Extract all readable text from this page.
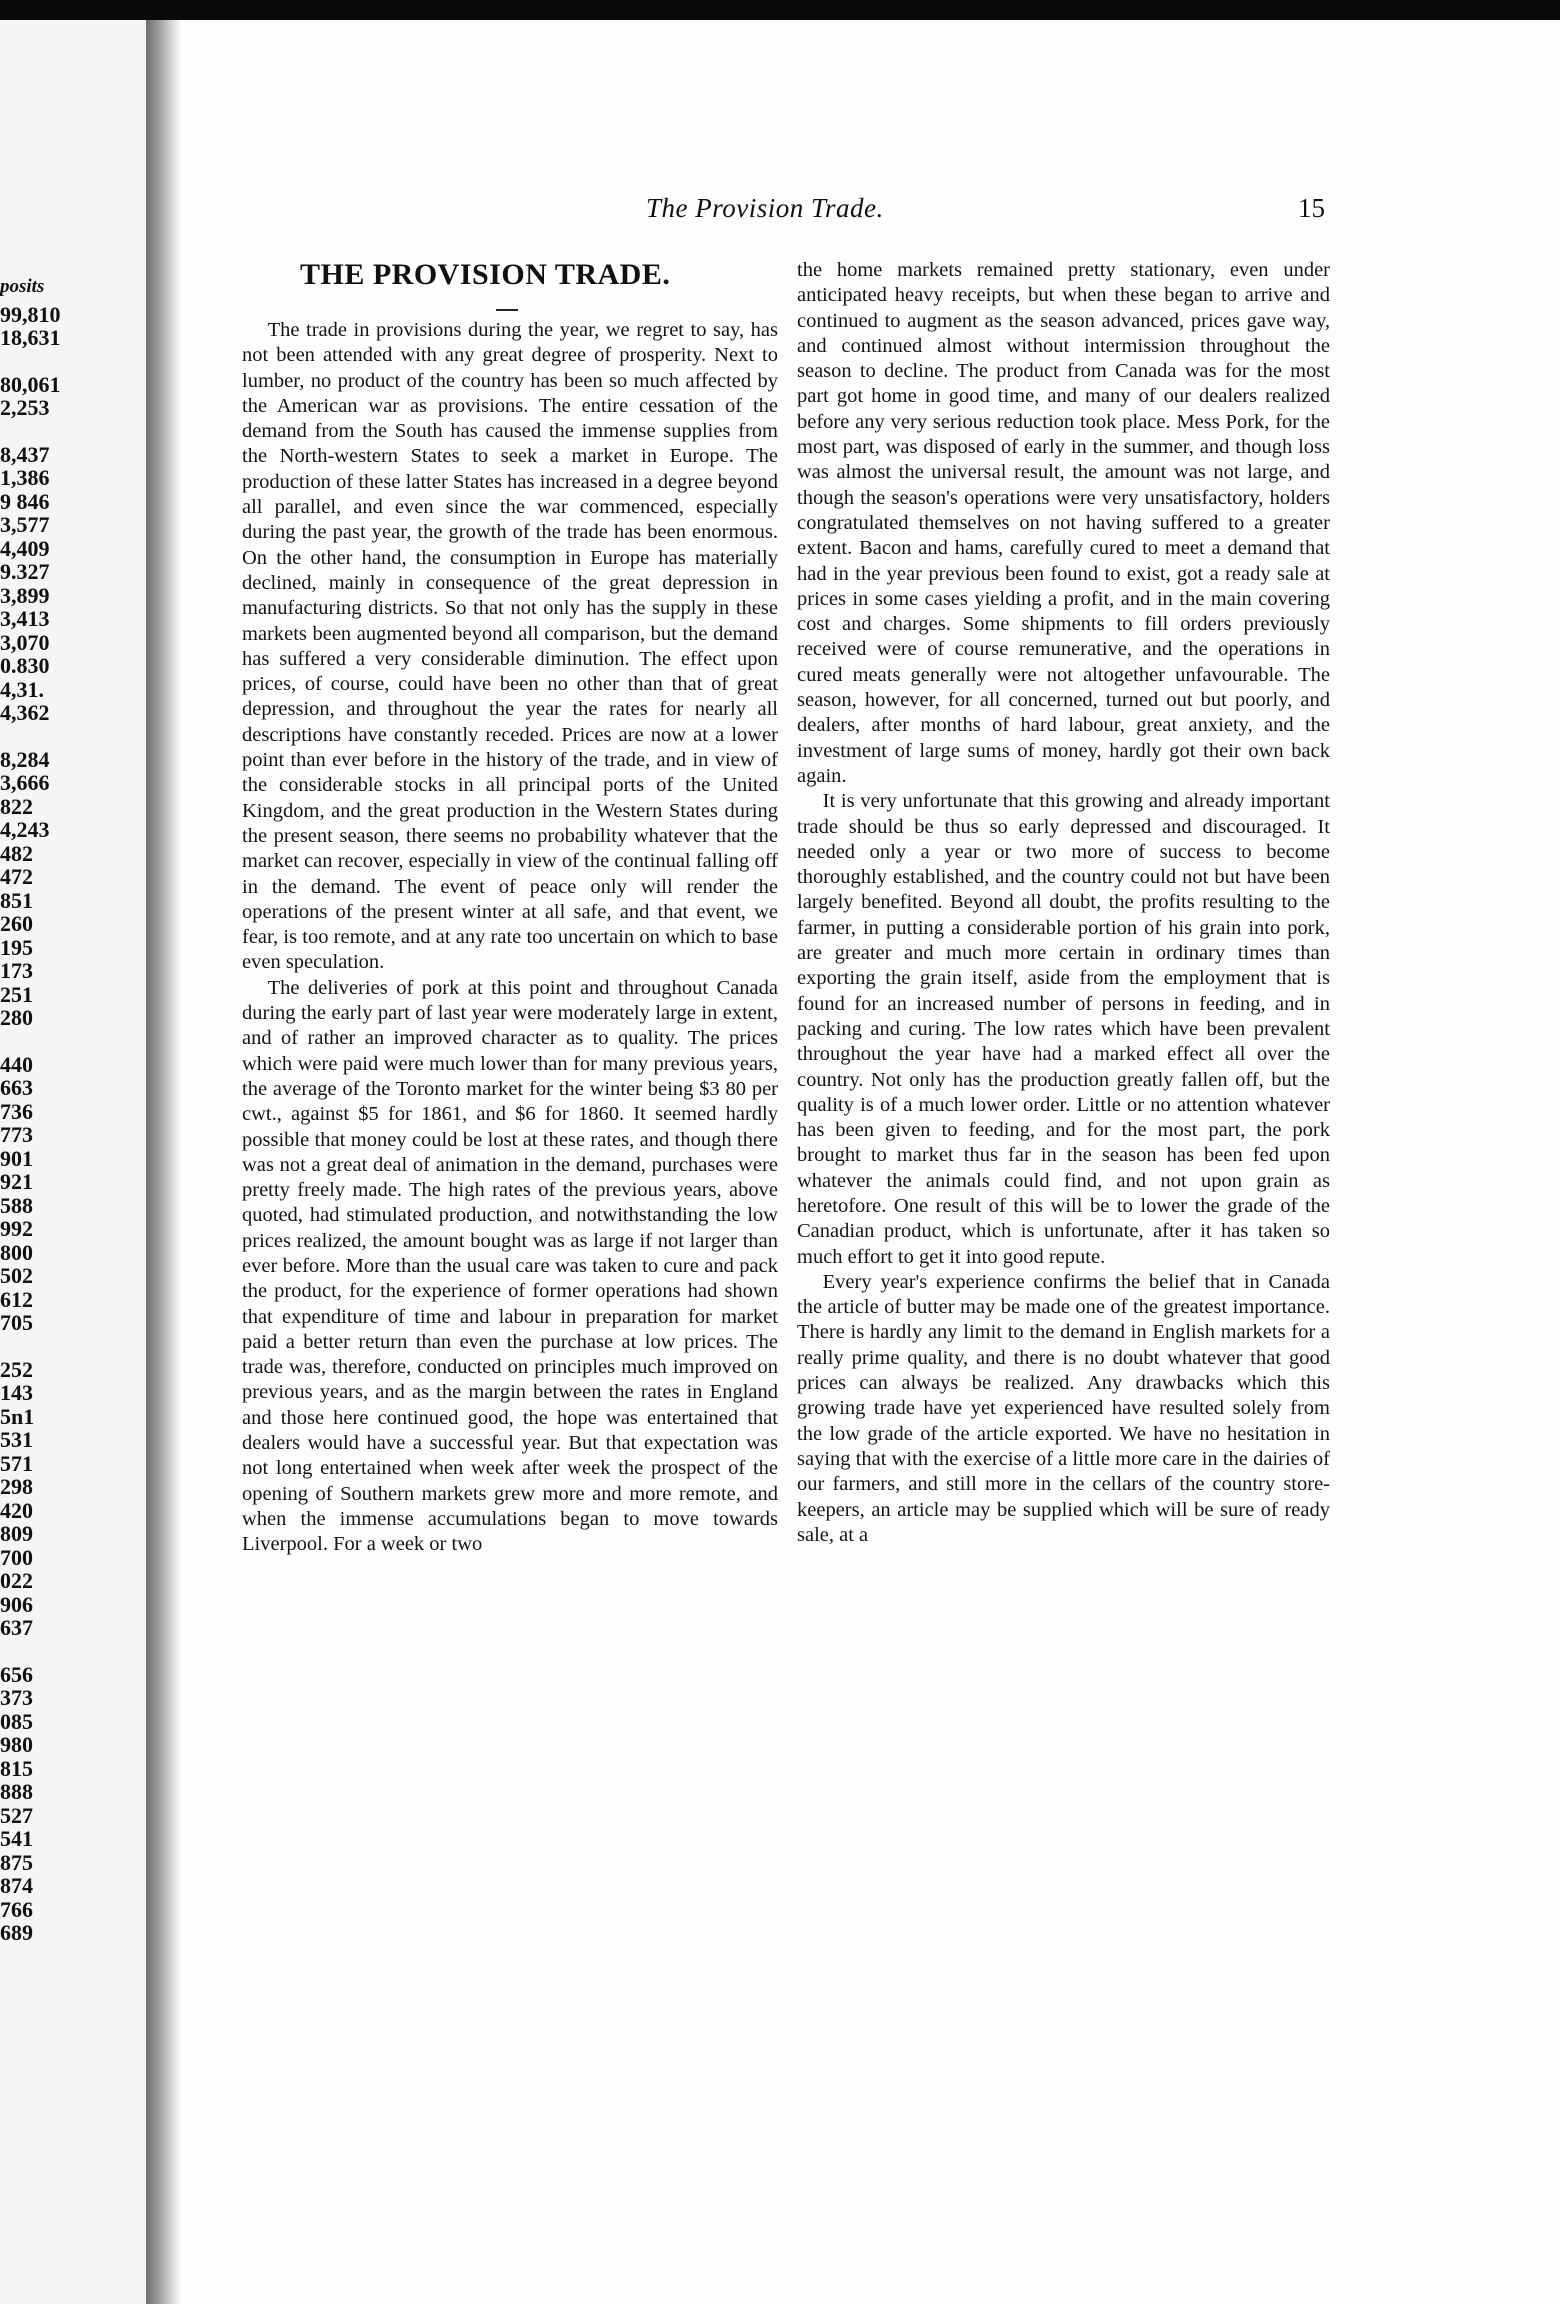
posits
99,810
18,631
80,061
2,253
8,437
1,386
9 846
3,577
4,409
9.327
3,899
3,413
3,070
0.830
4,31.
4,362
8,284
3,666
822
4,243
482
472
851
260
195
173
251
280
440
663
736
773
901
921
588
992
800
502
612
705
252
143
5n1
531
571
298
420
809
700
022
906
637
656
373
085
980
815
888
527
541
875
874
766
689
The Provision Trade.	15
THE PROVISION TRADE.

The trade in provisions during the year, we regret to say, has not been attended with any great degree of prosperity. Next to lumber, no product of the country has been so much affected by the American war as provisions. The entire cessation of the demand from the South has caused the immense supplies from the North-western States to seek a market in Europe. The production of these latter States has increased in a degree beyond all parallel, and even since the war commenced, especially during the past year, the growth of the trade has been enormous. On the other hand, the consumption in Europe has materially declined, mainly in consequence of the great depression in manufacturing districts. So that not only has the supply in these markets been augmented beyond all comparison, but the demand has suffered a very considerable diminution. The effect upon prices, of course, could have been no other than that of great depression, and throughout the year the rates for nearly all descriptions have constantly receded. Prices are now at a lower point than ever before in the history of the trade, and in view of the considerable stocks in all principal ports of the United Kingdom, and the great production in the Western States during the present season, there seems no probability whatever that the market can recover, especially in view of the continual falling off in the demand. The event of peace only will render the operations of the present winter at all safe, and that event, we fear, is too remote, and at any rate too uncertain on which to base even speculation.

The deliveries of pork at this point and throughout Canada during the early part of last year were moderately large in extent, and of rather an improved character as to quality. The prices which were paid were much lower than for many previous years, the average of the Toronto market for the winter being $3 80 per cwt., against $5 for 1861, and $6 for 1860. It seemed hardly possible that money could be lost at these rates, and though there was not a great deal of animation in the demand, purchases were pretty freely made. The high rates of the previous years, above quoted, had stimulated production, and notwithstanding the low prices realized, the amount bought was as large if not larger than ever before. More than the usual care was taken to cure and pack the product, for the experience of former operations had shown that expenditure of time and labour in preparation for market paid a better return than even the purchase at low prices. The trade was, therefore, conducted on principles much improved on previous years, and as the margin between the rates in England and those here continued good, the hope was entertained that dealers would have a successful year. But that expectation was not long entertained when week after week the prospect of the opening of Southern markets grew more and more remote, and when the immense accumulations began to move towards Liverpool. For a week or two

the home markets remained pretty stationary, even under anticipated heavy receipts, but when these began to arrive and continued to augment as the season advanced, prices gave way, and continued almost without intermission throughout the season to decline. The product from Canada was for the most part got home in good time, and many of our dealers realized before any very serious reduction took place. Mess Pork, for the most part, was disposed of early in the summer, and though loss was almost the universal result, the amount was not large, and though the season's operations were very unsatisfactory, holders congratulated themselves on not having suffered to a greater extent. Bacon and hams, carefully cured to meet a demand that had in the year previous been found to exist, got a ready sale at prices in some cases yielding a profit, and in the main covering cost and charges. Some shipments to fill orders previously received were of course remunerative, and the operations in cured meats generally were not altogether unfavourable. The season, however, for all concerned, turned out but poorly, and dealers, after months of hard labour, great anxiety, and the investment of large sums of money, hardly got their own back again.

It is very unfortunate that this growing and already important trade should be thus so early depressed and discouraged. It needed only a year or two more of success to become thoroughly established, and the country could not but have been largely benefited. Beyond all doubt, the profits resulting to the farmer, in putting a considerable portion of his grain into pork, are greater and much more certain in ordinary times than exporting the grain itself, aside from the employment that is found for an increased number of persons in feeding, and in packing and curing. The low rates which have been prevalent throughout the year have had a marked effect all over the country. Not only has the production greatly fallen off, but the quality is of a much lower order. Little or no attention whatever has been given to feeding, and for the most part, the pork brought to market thus far in the season has been fed upon whatever the animals could find, and not upon grain as heretofore. One result of this will be to lower the grade of the Canadian product, which is unfortunate, after it has taken so much effort to get it into good repute.

Every year's experience confirms the belief that in Canada the article of butter may be made one of the greatest importance. There is hardly any limit to the demand in English markets for a really prime quality, and there is no doubt whatever that good prices can always be realized. Any drawbacks which this growing trade have yet experienced have resulted solely from the low grade of the article exported. We have no hesitation in saying that with the exercise of a little more care in the dairies of our farmers, and still more in the cellars of the country store-keepers, an article may be supplied which will be sure of ready sale, at a
